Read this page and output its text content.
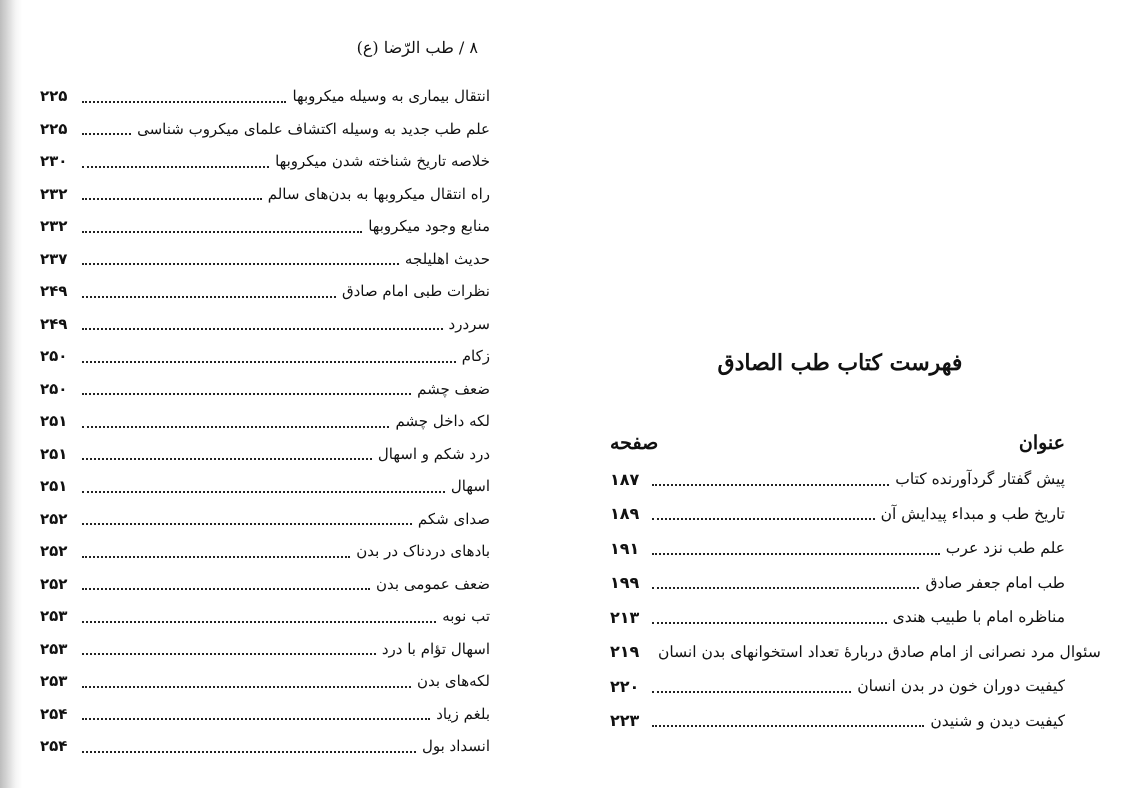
۸ / طب الرّضا (ع)
۲۲۵	انتقال بیماری به وسیله میکروبها
۲۲۵	علم طب جدید به وسیله اکتشاف علمای میکروب شناسی
۲۳۰	خلاصه تاریخ شناخته شدن میکروبها
۲۳۲	راه انتقال میکروبها به بدن‌های سالم
۲۳۲	منابع وجود میکروبها
۲۳۷	حدیث اهلیلجه
۲۴۹	نظرات طبی امام صادق
۲۴۹	سردرد
۲۵۰	زکام
۲۵۰	ضعف چشم
۲۵۱	لکه داخل چشم
۲۵۱	درد شکم و اسهال
۲۵۱	اسهال
۲۵۲	صدای شکم
۲۵۲	بادهای دردناک در بدن
۲۵۲	ضعف عمومی بدن
۲۵۳	تب نوبه
۲۵۳	اسهال تؤام با درد
۲۵۳	لکه‌های بدن
۲۵۴	بلغم زیاد
۲۵۴	انسداد بول
فهرست کتاب طب الصادق
صفحه	عنوان
۱۸۷	پیش گفتار گردآورنده کتاب
۱۸۹	تاریخ طب و مبداء پیدایش آن
۱۹۱	علم طب نزد عرب
۱۹۹	طب امام جعفر صادق
۲۱۳	مناظره امام با طبیب هندی
۲۱۹	سئوال مرد نصرانی از امام صادق دربارهٔ تعداد استخوانهای بدن انسان
۲۲۰	کیفیت دوران خون در بدن انسان
۲۲۳	کیفیت دیدن و شنیدن
